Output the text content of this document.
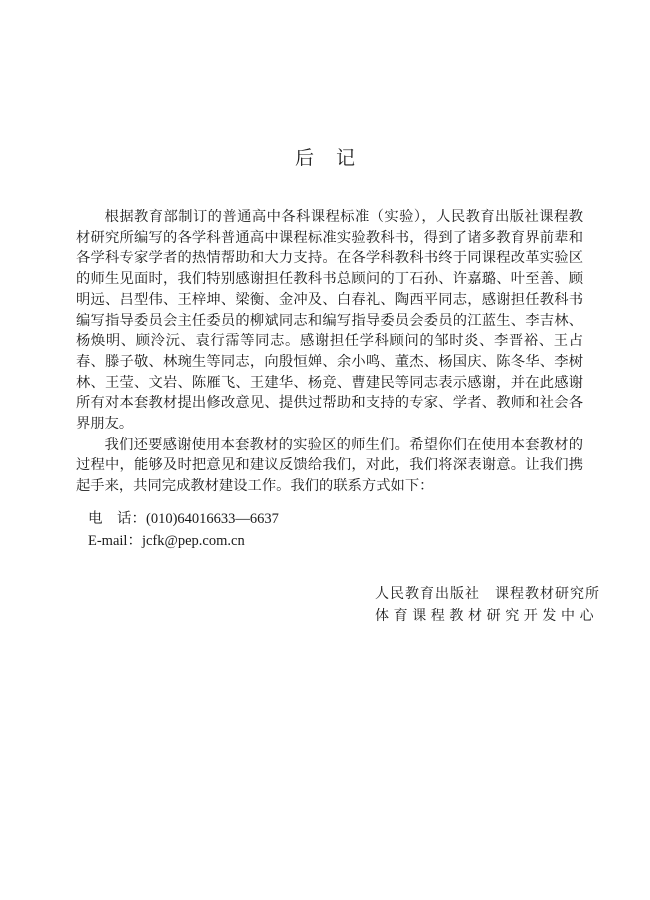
后记

根据教育部制订的普通高中各科课程标准（实验），人民教育出版社课程教材研究所编写的各学科普通高中课程标准实验教科书，得到了诸多教育界前辈和各学科专家学者的热情帮助和大力支持。在各学科教科书终于同课程改革实验区的师生见面时，我们特别感谢担任教科书总顾问的丁石孙、许嘉璐、叶至善、顾明远、吕型伟、王梓坤、梁衡、金冲及、白春礼、陶西平同志，感谢担任教科书编写指导委员会主任委员的柳斌同志和编写指导委员会委员的江蓝生、李吉林、杨焕明、顾泠沅、袁行霈等同志。感谢担任学科顾问的邹时炎、李晋裕、王占春、滕子敬、林琬生等同志，向殷恒婵、余小鸣、董杰、杨国庆、陈冬华、李树林、王莹、文岩、陈雁飞、王建华、杨竞、曹建民等同志表示感谢，并在此感谢所有对本套教材提出修改意见、提供过帮助和支持的专家、学者、教师和社会各界朋友。

我们还要感谢使用本套教材的实验区的师生们。希望你们在使用本套教材的过程中，能够及时把意见和建议反馈给我们，对此，我们将深表谢意。让我们携起手来，共同完成教材建设工作。我们的联系方式如下：

电　话：(010)64016633—6637
E-mail：jcfk@pep.com.cn
人民教育出版社　课程教材研究所
体育课程教材研究开发中心
